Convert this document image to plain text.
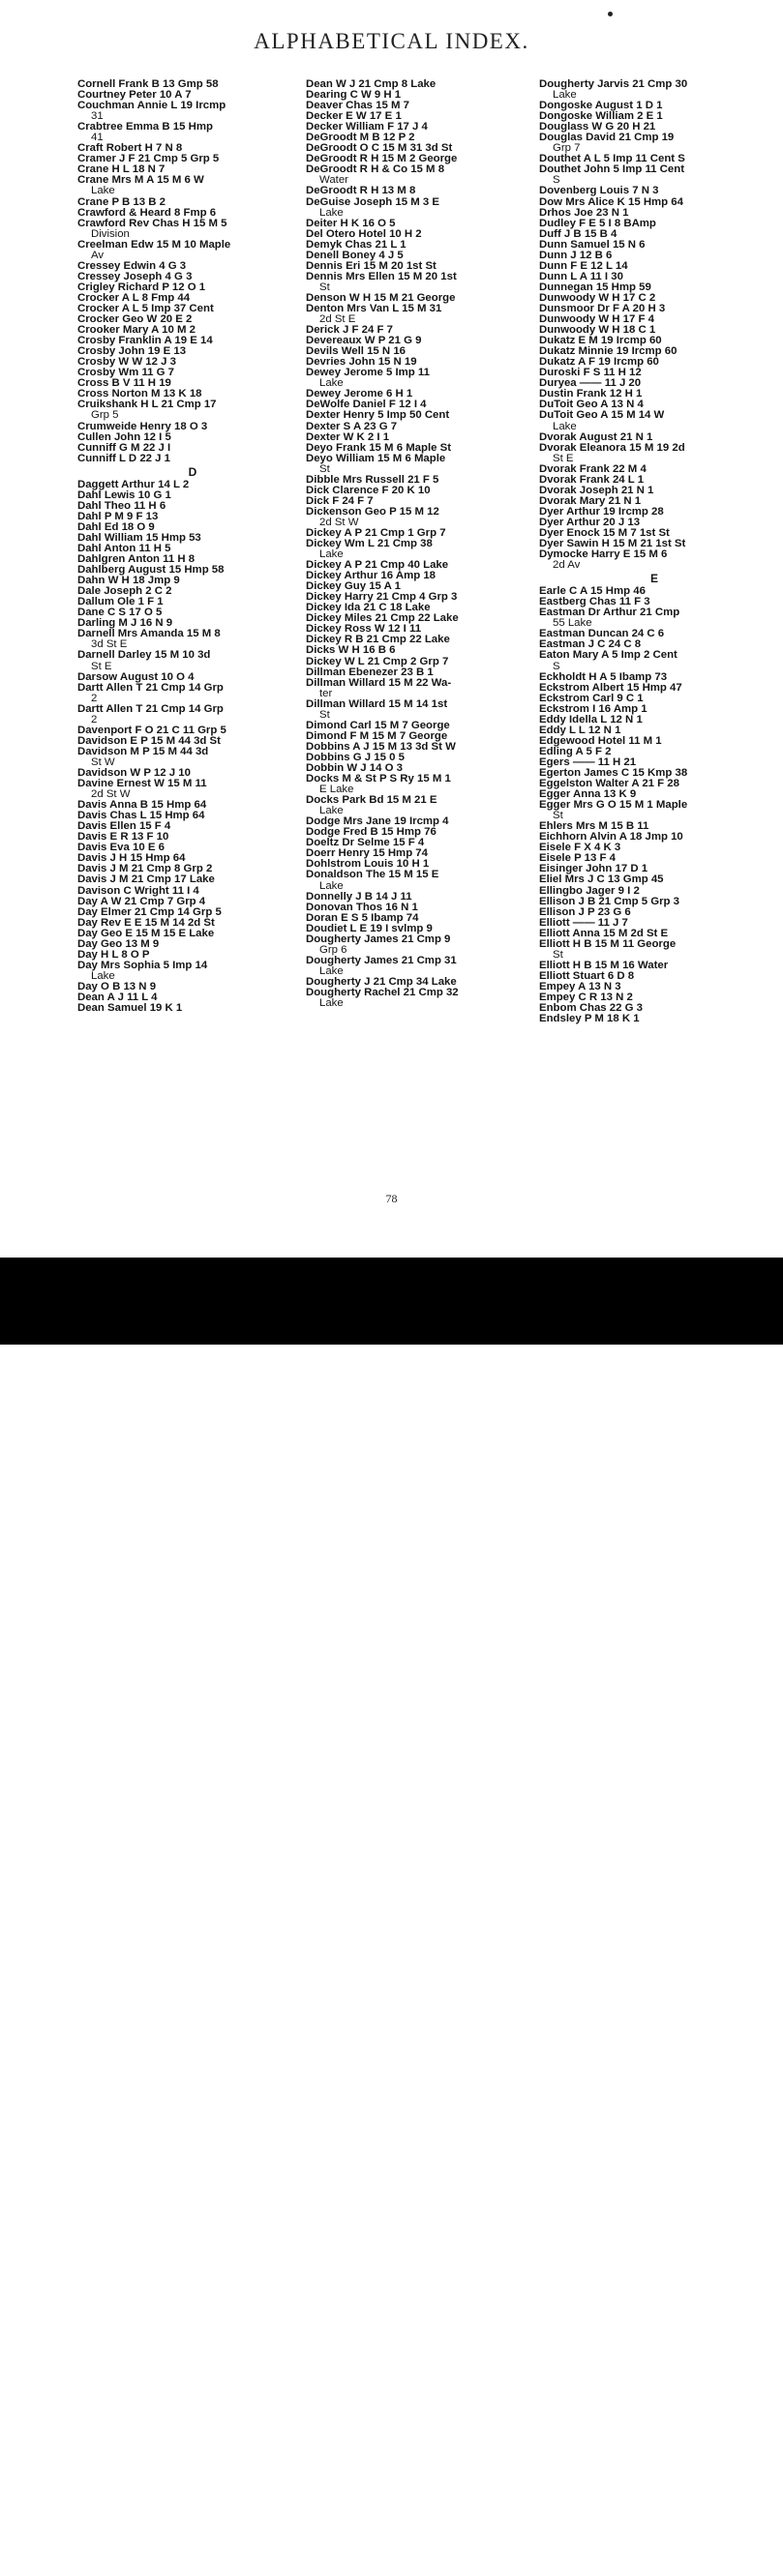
ALPHABETICAL INDEX.
Cornell Frank B 13 Gmp 58
Courtney Peter 10 A 7
Couchman Annie L 19 Ircmp
31
Crabtree Emma B 15 Hmp
41
Craft Robert H 7 N 8
Cramer J F 21 Cmp 5 Grp 5
Crane H L 18 N 7
Crane Mrs M A 15 M 6 W
Lake
Crane P B 13 B 2
Crawford & Heard 8 Fmp 6
Crawford Rev Chas H 15 M 5
Division
Creelman Edw 15 M 10 Maple
Av
Cressey Edwin 4 G 3
Cressey Joseph 4 G 3
Crigley Richard P 12 O 1
Crocker A L 8 Fmp 44
Crocker A L 5 Imp 37 Cent
Crocker Geo W 20 E 2
Crooker Mary A 10 M 2
Crosby Franklin A 19 E 14
Crosby John 19 E 13
Crosby W W 12 J 3
Crosby Wm 11 G 7
Cross B V 11 H 19
Cross Norton M 13 K 18
Cruikshank H L 21 Cmp 17
Grp 5
Crumweide Henry 18 O 3
Cullen John 12 I 5
Cunniff G M 22 J I
Cunniff L D 22 J 1
D
Daggett Arthur 14 L 2
Dahl Lewis 10 G 1
Dahl Theo 11 H 6
Dahl P M 9 F 13
Dahl Ed 18 O 9
Dahl William 15 Hmp 53
Dahl Anton 11 H 5
Dahlgren Anton 11 H 8
Dahlberg August 15 Hmp 58
Dahn W H 18 Jmp 9
Dale Joseph 2 C 2
Dallum Ole 1 F 1
Dane C S 17 O 5
Darling M J 16 N 9
Darnell Mrs Amanda 15 M 8
3d St E
Darnell Darley 15 M 10 3d
St E
Darsow August 10 O 4
Dartt Allen T 21 Cmp 14 Grp
2
Dartt Allen T 21 Cmp 14 Grp
2
Davenport F O 21 C 11 Grp 5
Davidson E P 15 M 44 3d St
Davidson M P 15 M 44 3d
St W
Davidson W P 12 J 10
Davine Ernest W 15 M 11
2d St W
Davis Anna B 15 Hmp 64
Davis Chas L 15 Hmp 64
Davis Ellen 15 F 4
Davis E R 13 F 10
Davis Eva 10 E 6
Davis J H 15 Hmp 64
Davis J M 21 Cmp 8 Grp 2
Davis J M 21 Cmp 17 Lake
Davison C Wright 11 I 4
Day A W 21 Cmp 7 Grp 4
Day Elmer 21 Cmp 14 Grp 5
Day Rev E E 15 M 14 2d St
Day Geo E 15 M 15 E Lake
Day Geo 13 M 9
Day H L 8 O P
Day Mrs Sophia 5 Imp 14
Lake
Day O B 13 N 9
Dean A J 11 L 4
Dean Samuel 19 K 1
Dean W J 21 Cmp 8 Lake
Dearing C W 9 H 1
Deaver Chas 15 M 7
Decker E W 17 E 1
Decker William F 17 J 4
DeGroodt M B 12 P 2
DeGroodt O C 15 M 31 3d St
DeGroodt R H 15 M 2 George
DeGroodt R H & Co 15 M 8
Water
DeGroodt R H 13 M 8
DeGuise Joseph 15 M 3 E
Lake
Deiter H K 16 O 5
Del Otero Hotel 10 H 2
Demyk Chas 21 L 1
Denell Boney 4 J 5
Dennis Eri 15 M 20 1st St
Dennis Mrs Ellen 15 M 20 1st
St
Denson W H 15 M 21 George
Denton Mrs Van L 15 M 31
2d St E
Derick J F 24 F 7
Devereaux W P 21 G 9
Devils Well 15 N 16
Devries John 15 N 19
Dewey Jerome 5 Imp 11
Lake
Dewey Jerome 6 H 1
DeWolfe Daniel F 12 I 4
Dexter Henry 5 Imp 50 Cent
Dexter S A 23 G 7
Dexter W K 2 I 1
Deyo Frank 15 M 6 Maple St
Deyo William 15 M 6 Maple
St
Dibble Mrs Russell 21 F 5
Dick Clarence F 20 K 10
Dick F 24 F 7
Dickenson Geo P 15 M 12
2d St W
Dickey A P 21 Cmp 1 Grp 7
Dickey Wm L 21 Cmp 38
Lake
Dickey A P 21 Cmp 40 Lake
Dickey Arthur 16 Amp 18
Dickey Guy 15 A 1
Dickey Harry 21 Cmp 4 Grp 3
Dickey Ida 21 C 18 Lake
Dickey Miles 21 Cmp 22 Lake
Dickey Ross W 12 I 11
Dickey R B 21 Cmp 22 Lake
Dicks W H 16 B 6
Dickey W L 21 Cmp 2 Grp 7
Dillman Ebenezer 23 B 1
Dillman Willard 15 M 22 Wa-
ter
Dillman Willard 15 M 14 1st
St
Dimond Carl 15 M 7 George
Dimond F M 15 M 7 George
Dobbins A J 15 M 13 3d St W
Dobbins G J 15 0 5
Dobbin W J 14 O 3
Docks M & St P S Ry 15 M 1
E Lake
Docks Park Bd 15 M 21 E
Lake
Dodge Mrs Jane 19 Ircmp 4
Dodge Fred B 15 Hmp 76
Doeltz Dr Selme 15 F 4
Doerr Henry 15 Hmp 74
Dohlstrom Louis 10 H 1
Donaldson The 15 M 15 E
Lake
Donnelly J B 14 J 11
Donovan Thos 16 N 1
Doran E S 5 Ibamp 74
Doudiet L E 19 I svlmp 9
Dougherty James 21 Cmp 9
Grp 6
Dougherty James 21 Cmp 31
Lake
Dougherty J 21 Cmp 34 Lake
Dougherty Rachel 21 Cmp 32
Lake
Dougherty Jarvis 21 Cmp 30
Lake
Dongoske August 1 D 1
Dongoske William 2 E 1
Douglass W G 20 H 21
Douglas David 21 Cmp 19
Grp 7
Douthet A L 5 Imp 11 Cent S
Douthet John 5 Imp 11 Cent
S
Dovenberg Louis 7 N 3
Dow Mrs Alice K 15 Hmp 64
Drhos Joe 23 N 1
Dudley F E 5 I 8 BAmp
Duff J B 15 B 4
Dunn Samuel 15 N 6
Dunn J 12 B 6
Dunn F E 12 L 14
Dunn L A 11 I 30
Dunnegan 15 Hmp 59
Dunwoody W H 17 C 2
Dunsmoor Dr F A 20 H 3
Dunwoody W H 17 F 4
Dunwoody W H 18 C 1
Dukatz E M 19 Ircmp 60
Dukatz Minnie 19 Ircmp 60
Dukatz A F 19 Ircmp 60
Duroski F S 11 H 12
Duryea —— 11 J 20
Dustin Frank 12 H 1
DuToit Geo A 13 N 4
DuToit Geo A 15 M 14 W
Lake
Dvorak August 21 N 1
Dvorak Eleanora 15 M 19 2d
St E
Dvorak Frank 22 M 4
Dvorak Frank 24 L 1
Dvorak Joseph 21 N 1
Dvorak Mary 21 N 1
Dyer Arthur 19 Ircmp 28
Dyer Arthur 20 J 13
Dyer Enock 15 M 7 1st St
Dyer Sawin H 15 M 21 1st St
Dymocke Harry E 15 M 6
2d Av
E
Earle C A 15 Hmp 46
Eastberg Chas 11 F 3
Eastman Dr Arthur 21 Cmp
55 Lake
Eastman Duncan 24 C 6
Eastman J C 24 C 8
Eaton Mary A 5 Imp 2 Cent
S
Eckholdt H A 5 Ibamp 73
Eckstrom Albert 15 Hmp 47
Eckstrom Carl 9 C 1
Eckstrom I 16 Amp 1
Eddy Idella L 12 N 1
Eddy L L 12 N 1
Edgewood Hotel 11 M 1
Edling A 5 F 2
Egers —— 11 H 21
Egerton James C 15 Kmp 38
Eggelston Walter A 21 F 28
Egger Anna 13 K 9
Egger Mrs G O 15 M 1 Maple
St
Ehlers Mrs M 15 B 11
Eichhorn Alvin A 18 Jmp 10
Eisele F X 4 K 3
Eisele P 13 F 4
Eisinger John 17 D 1
Eliel Mrs J C 13 Gmp 45
Ellingbo Jager 9 I 2
Ellison J B 21 Cmp 5 Grp 3
Ellison J P 23 G 6
Elliott —— 11 J 7
Elliott Anna 15 M 2d St E
Elliott H B 15 M 11 George
St
Elliott H B 15 M 16 Water
Elliott Stuart 6 D 8
Empey A 13 N 3
Empey C R 13 N 2
Enbom Chas 22 G 3
Endsley P M 18 K 1
78
alamy	Image ID: 3AR0TPG
www.alamy.com
